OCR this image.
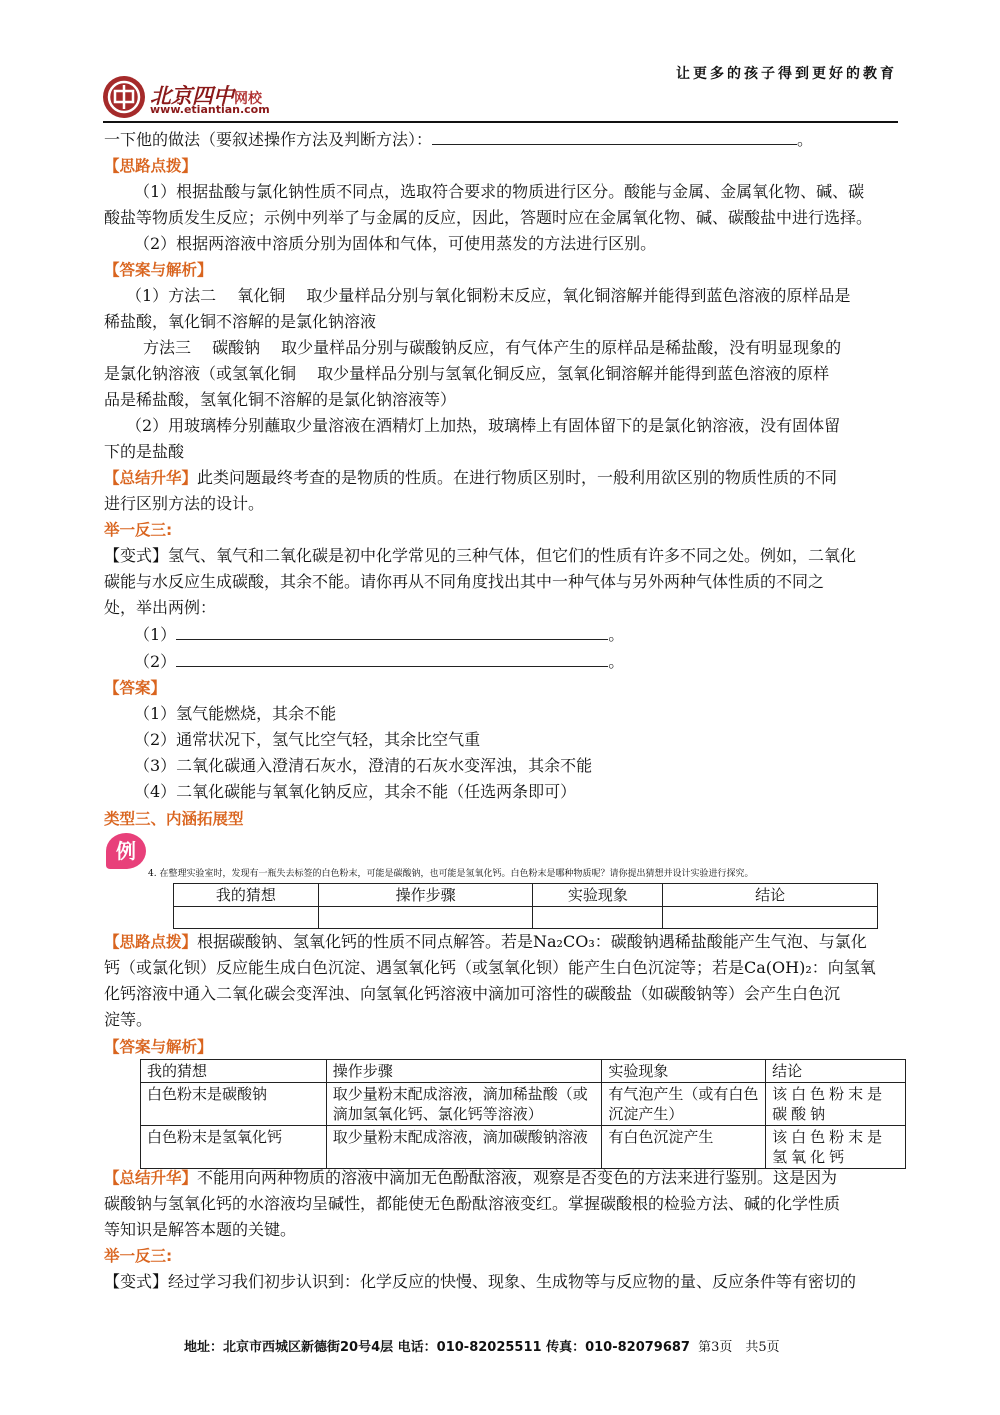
北京四中网校
www.etiantian.com
让更多的孩子得到更好的教育
一下他的做法（要叙述操作方法及判断方法）：	。
【思路点拨】
（1）根据盐酸与氯化钠性质不同点，选取符合要求的物质进行区分。酸能与金属、金属氧化物、碱、碳
酸盐等物质发生反应；示例中列举了与金属的反应，因此，答题时应在金属氧化物、碱、碳酸盐中进行选择。
（2）根据两溶液中溶质分别为固体和气体，可使用蒸发的方法进行区别。
【答案与解析】
（1）方法二　 氧化铜　 取少量样品分别与氧化铜粉末反应，氧化铜溶解并能得到蓝色溶液的原样品是
稀盐酸，氧化铜不溶解的是氯化钠溶液
方法三　 碳酸钠　 取少量样品分别与碳酸钠反应，有气体产生的原样品是稀盐酸，没有明显现象的
是氯化钠溶液（或氢氧化铜　 取少量样品分别与氢氧化铜反应，氢氧化铜溶解并能得到蓝色溶液的原样
品是稀盐酸，氢氧化铜不溶解的是氯化钠溶液等）
（2）用玻璃棒分别蘸取少量溶液在酒精灯上加热，玻璃棒上有固体留下的是氯化钠溶液，没有固体留
下的是盐酸
【总结升华】此类问题最终考查的是物质的性质。在进行物质区别时，一般利用欲区别的物质性质的不同
进行区别方法的设计。
举一反三:
【变式】氢气、氧气和二氧化碳是初中化学常见的三种气体，但它们的性质有许多不同之处。例如，二氧化
碳能与水反应生成碳酸，其余不能。请你再从不同角度找出其中一种气体与另外两种气体性质的不同之
处，举出两例：
（1）	。
（2）	。
【答案】
（1）氢气能燃烧，其余不能
（2）通常状况下，氢气比空气轻，其余比空气重
（3）二氧化碳通入澄清石灰水，澄清的石灰水变浑浊，其余不能
（4）二氧化碳能与氧氧化钠反应，其余不能（任选两条即可）
类型三、内涵拓展型
例
4. 在整理实验室时，发现有一瓶失去标签的白色粉末，可能是碳酸钠，也可能是氢氧化钙。白色粉末是哪种物质呢？请你提出猜想并设计实验进行探究。
我的猜想	操作步骤	实验现象	结论

【思路点拨】根据碳酸钠、氢氧化钙的性质不同点解答。若是Na₂CO₃：碳酸钠遇稀盐酸能产生气泡、与氯化
钙（或氯化钡）反应能生成白色沉淀、遇氢氧化钙（或氢氧化钡）能产生白色沉淀等；若是Ca(OH)₂：向氢氧
化钙溶液中通入二氧化碳会变浑浊、向氢氧化钙溶液中滴加可溶性的碳酸盐（如碳酸钠等）会产生白色沉
淀等。
【答案与解析】
我的猜想	操作步骤	实验现象	结论
白色粉末是碳酸钠	取少量粉末配成溶液，滴加稀盐酸（或滴加氢氧化钙、氯化钙等溶液）	有气泡产生（或有白色沉淀产生）	该白色粉末是碳酸钠
白色粉末是氢氧化钙	取少量粉末配成溶液，滴加碳酸钠溶液	有白色沉淀产生	该白色粉末是氢氧化钙
【总结升华】不能用向两种物质的溶液中滴加无色酚酞溶液，观察是否变色的方法来进行鉴别。这是因为
碳酸钠与氢氧化钙的水溶液均呈碱性，都能使无色酚酞溶液变红。掌握碳酸根的检验方法、碱的化学性质
等知识是解答本题的关键。
举一反三:
【变式】经过学习我们初步认识到：化学反应的快慢、现象、生成物等与反应物的量、反应条件等有密切的
地址：北京市西城区新德街20号4层 电话：010-82025511 传真：010-82079687 第3页　共5页
